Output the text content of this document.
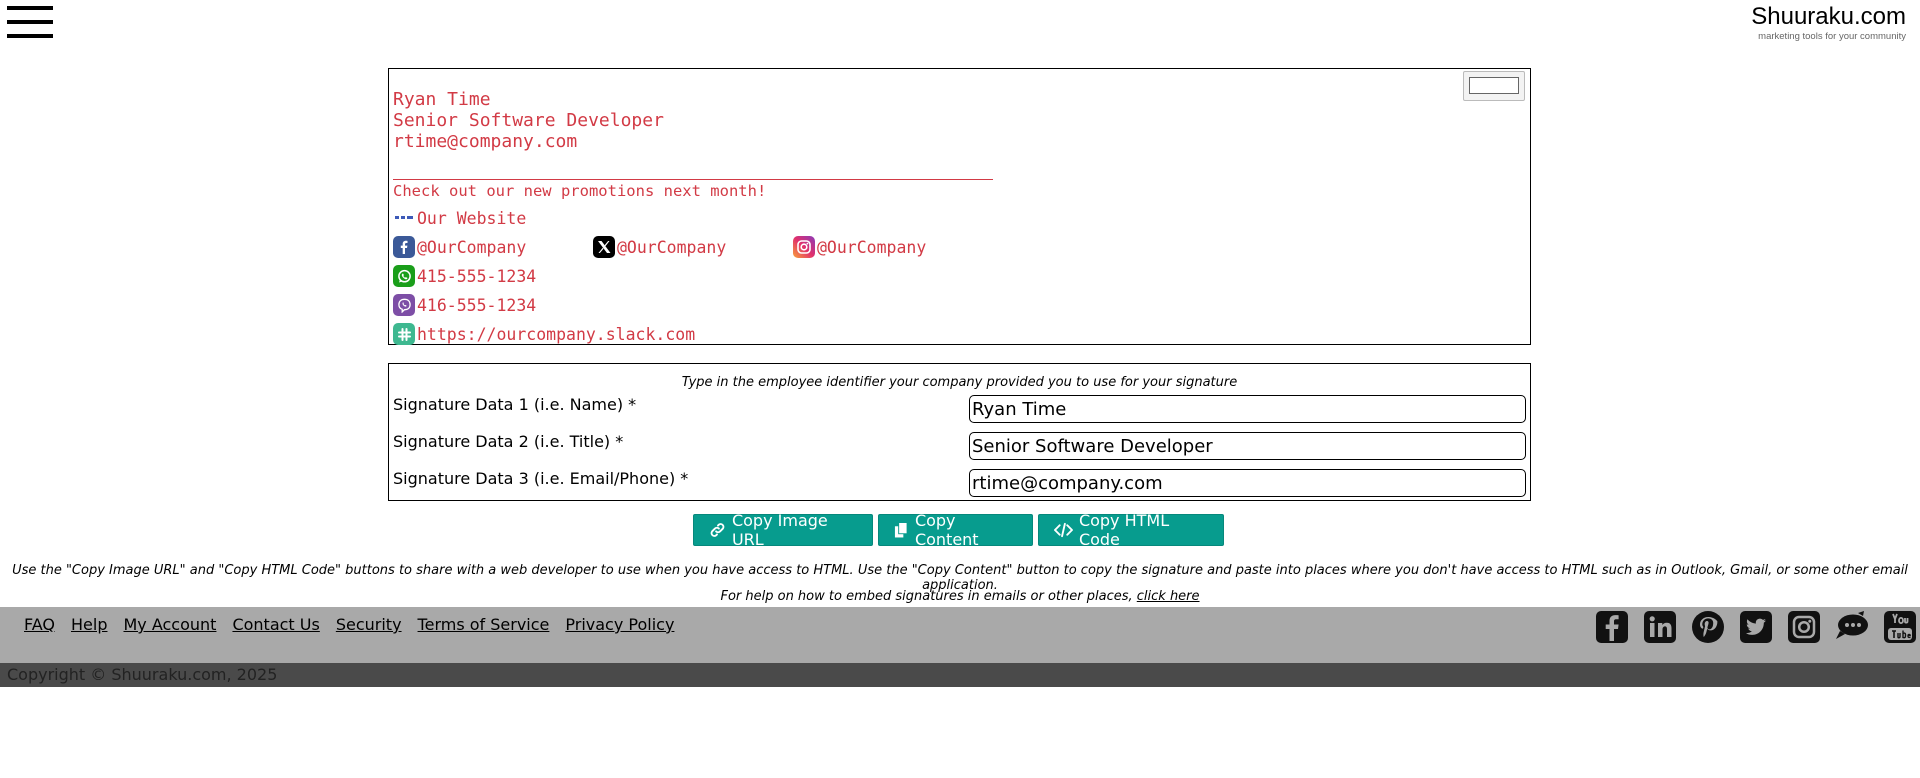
Shuuraku.com
marketing tools for your community
Ryan Time
Senior Software Developer
rtime@company.com
Check out our new promotions next month!
Our Website
@OurCompany	@OurCompany	@OurCompany
415-555-1234
416-555-1234
https://ourcompany.slack.com
Type in the employee identifier your company provided you to use for your signature
Signature Data 1 (i.e. Name) *
Ryan Time
Signature Data 2 (i.e. Title) *
Senior Software Developer
Signature Data 3 (i.e. Email/Phone) *
rtime@company.com
Copy Image URL
Copy Content
Copy HTML Code
Use the "Copy Image URL" and "Copy HTML Code" buttons to share with a web developer to use when you have access to HTML. Use the "Copy Content" button to copy the signature and paste into places where you don't have access to HTML such as in Outlook, Gmail, or some other email application.
For help on how to embed signatures in emails or other places, click here
FAQ Help My Account Contact Us Security Terms of Service Privacy Policy
Copyright © Shuuraku.com, 2025
